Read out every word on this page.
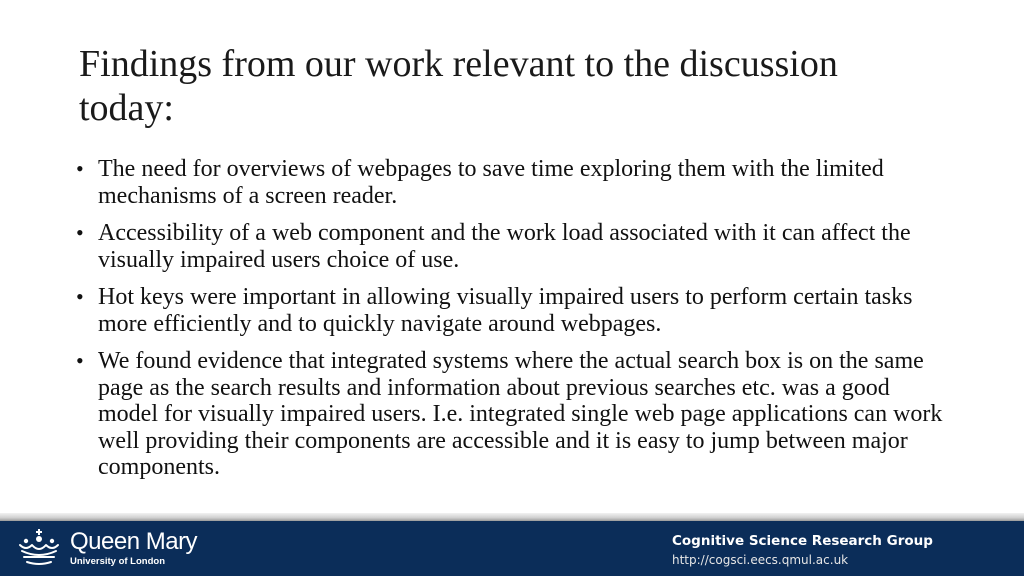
Findings from our work relevant to the discussion today:
• The need for overviews of webpages to save time exploring them with the limited mechanisms of a screen reader.
• Accessibility of a web component and the work load associated with it can affect the visually impaired users choice of use.
• Hot keys were important in allowing visually impaired users to perform certain tasks more efficiently and to quickly navigate around webpages.
• We found evidence that integrated systems where the actual search box is on the same page as the search results and information about previous searches etc. was a good model for visually impaired users. I.e. integrated single web page applications can work well providing their components are accessible and it is easy to jump between major components.
Queen Mary
University of London
Cognitive Science Research Group
http://cogsci.eecs.qmul.ac.uk
